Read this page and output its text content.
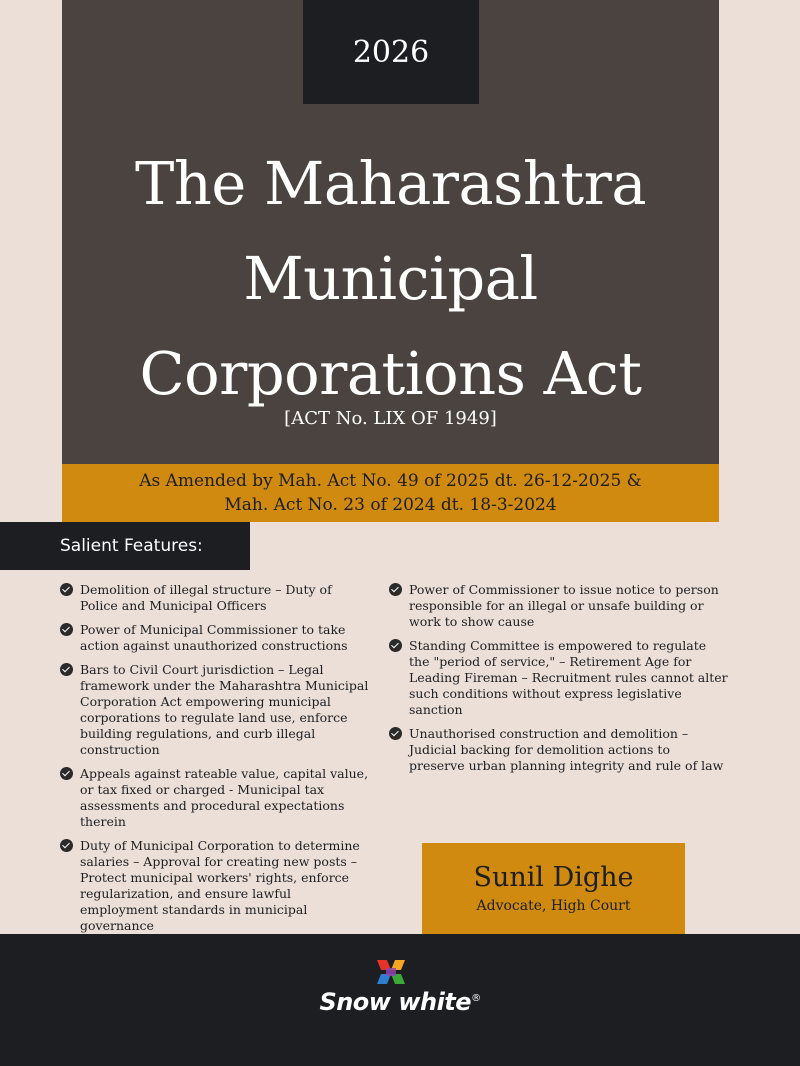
2026
The Maharashtra
Municipal
Corporations Act
[ACT No. LIX OF 1949]
As Amended by Mah. Act No. 49 of 2025 dt. 26-12-2025 &
Mah. Act No. 23 of 2024 dt. 18-3-2024
Salient Features:
Demolition of illegal structure – Duty of Police and Municipal Officers
Power of Municipal Commissioner to take action against unauthorized constructions
Bars to Civil Court jurisdiction – Legal framework under the Maharashtra Municipal Corporation Act empowering municipal corporations to regulate land use, enforce building regulations, and curb illegal construction
Appeals against rateable value, capital value, or tax fixed or charged - Municipal tax assessments and procedural expectations therein
Duty of Municipal Corporation to determine salaries – Approval for creating new posts – Protect municipal workers' rights, enforce regularization, and ensure lawful employment standards in municipal governance
Power of Commissioner to issue notice to person responsible for an illegal or unsafe building or work to show cause
Standing Committee is empowered to regulate the "period of service," – Retirement Age for Leading Fireman – Recruitment rules cannot alter such conditions without express legislative sanction
Unauthorised construction and demolition – Judicial backing for demolition actions to preserve urban planning integrity and rule of law
Sunil Dighe
Advocate, High Court
Snow white®
